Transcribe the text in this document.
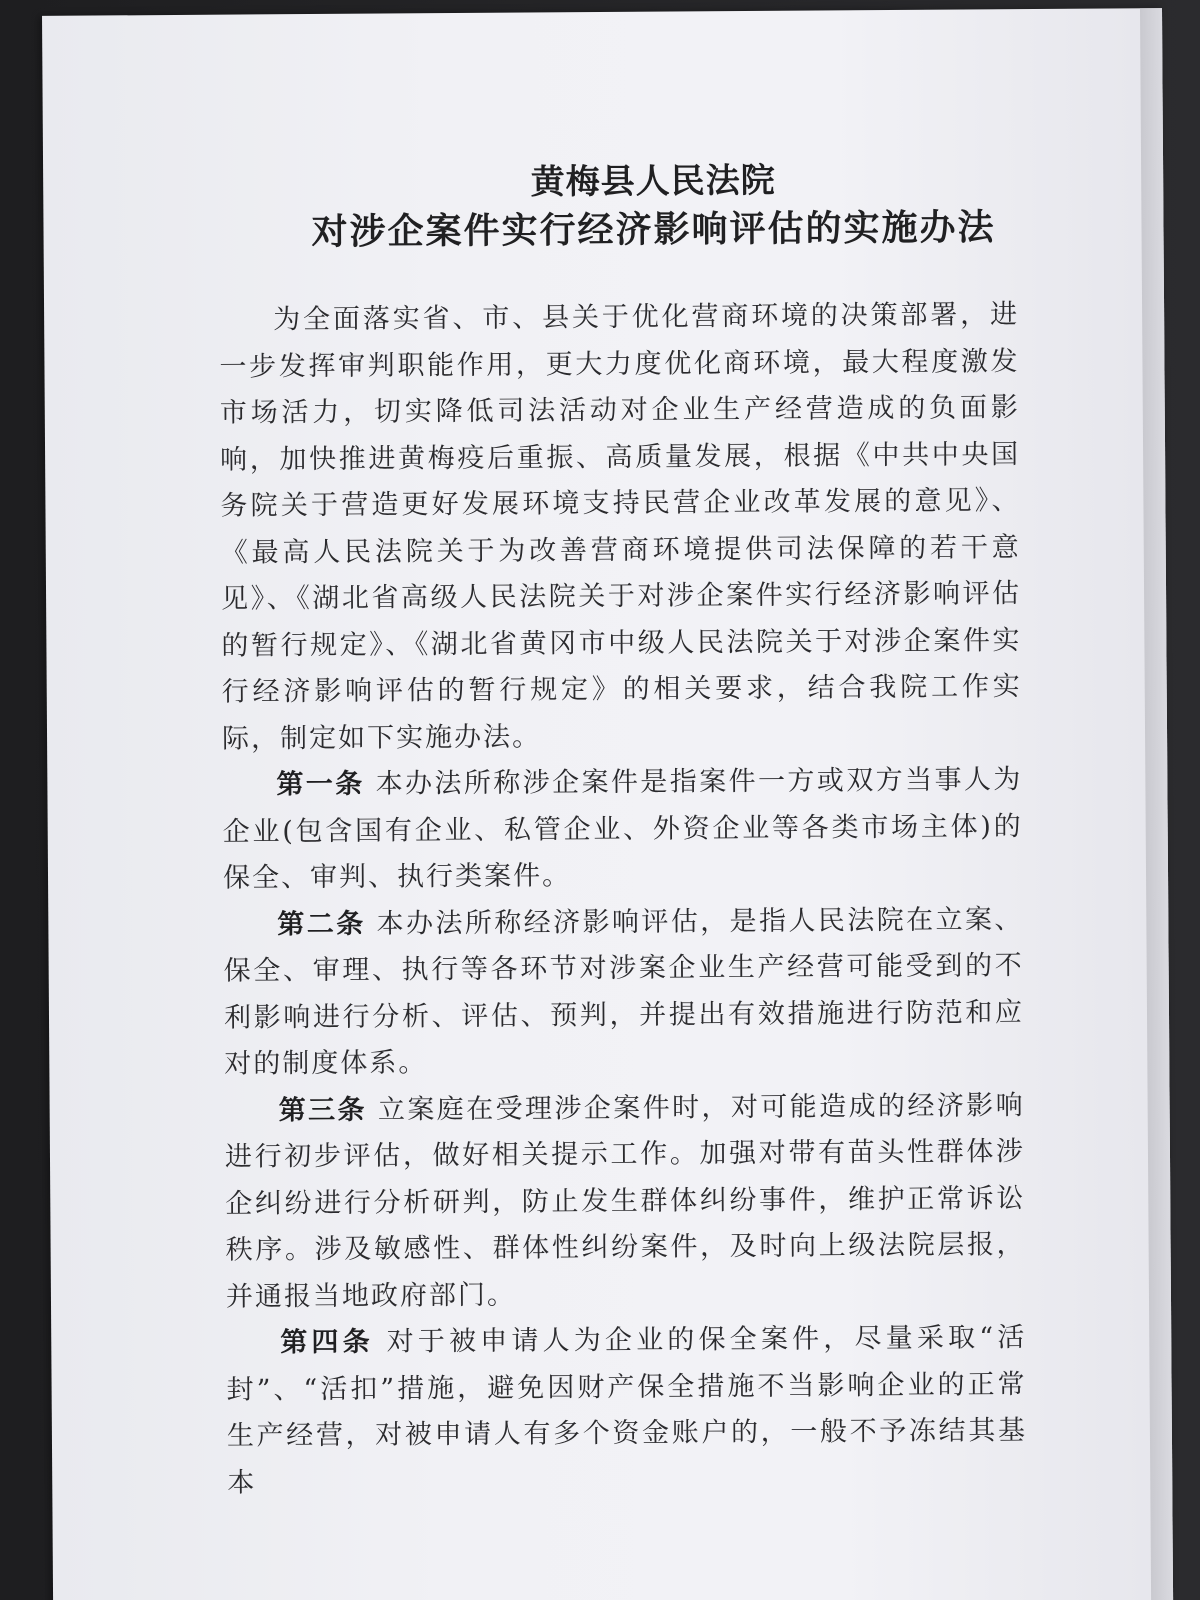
黄梅县人民法院
对涉企案件实行经济影响评估的实施办法

为全面落实省、市、县关于优化营商环境的决策部署，进一步发挥审判职能作用，更大力度优化商环境，最大程度激发市场活力，切实降低司法活动对企业生产经营造成的负面影响，加快推进黄梅疫后重振、高质量发展，根据《中共中央国务院关于营造更好发展环境支持民营企业改革发展的意见》、《最高人民法院关于为改善营商环境提供司法保障的若干意见》、《湖北省高级人民法院关于对涉企案件实行经济影响评估的暂行规定》、《湖北省黄冈市中级人民法院关于对涉企案件实行经济影响评估的暂行规定》的相关要求，结合我院工作实际，制定如下实施办法。

第一条 本办法所称涉企案件是指案件一方或双方当事人为企业(包含国有企业、私管企业、外资企业等各类市场主体)的保全、审判、执行类案件。

第二条 本办法所称经济影响评估，是指人民法院在立案、保全、审理、执行等各环节对涉案企业生产经营可能受到的不利影响进行分析、评估、预判，并提出有效措施进行防范和应对的制度体系。

第三条 立案庭在受理涉企案件时，对可能造成的经济影响进行初步评估，做好相关提示工作。加强对带有苗头性群体涉企纠纷进行分析研判，防止发生群体纠纷事件，维护正常诉讼秩序。涉及敏感性、群体性纠纷案件，及时向上级法院层报，并通报当地政府部门。

第四条 对于被申请人为企业的保全案件，尽量采取“活封”、“活扣”措施，避免因财产保全措施不当影响企业的正常生产经营，对被申请人有多个资金账户的，一般不予冻结其基本
